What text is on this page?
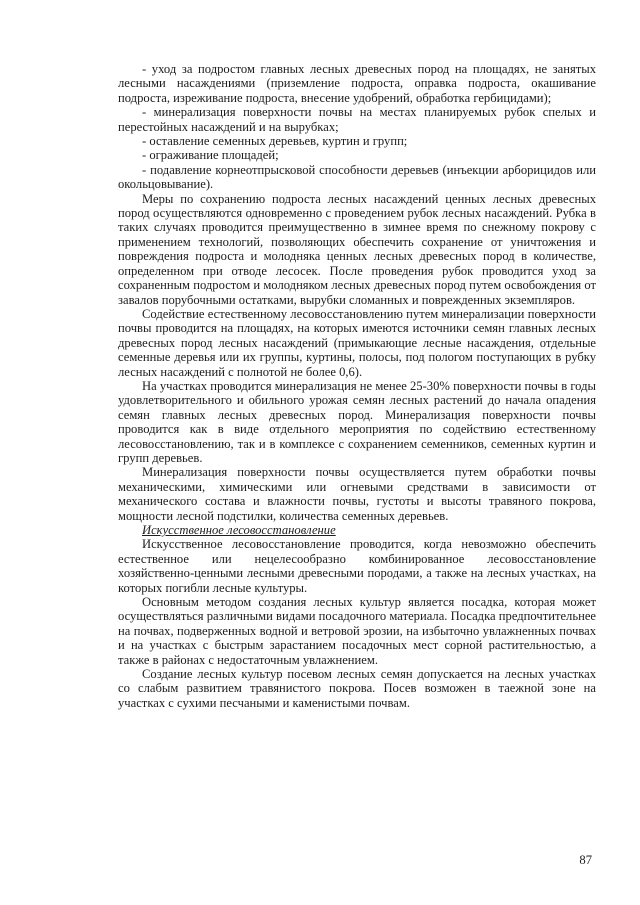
- уход за подростом главных лесных древесных пород на площадях, не занятых лесными насаждениями (приземление подроста, оправка подроста, окашивание подроста, изреживание подроста, внесение удобрений, обработка гербицидами);

- минерализация поверхности почвы на местах планируемых рубок спелых и перестойных насаждений и на вырубках;

- оставление семенных деревьев, куртин и групп;

- ограживание площадей;

- подавление корнеотпрысковой способности деревьев (инъекции арборицидов или окольцовывание).

Меры по сохранению подроста лесных насаждений ценных лесных древесных пород осуществляются одновременно с проведением рубок лесных насаждений. Рубка в таких случаях проводится преимущественно в зимнее время по снежному покрову с применением технологий, позволяющих обеспечить сохранение от уничтожения и повреждения подроста и молодняка ценных лесных древесных пород в количестве, определенном при отводе лесосек. После проведения рубок проводится уход за сохраненным подростом и молодняком лесных древесных пород путем освобождения от завалов порубочными остатками, вырубки сломанных и поврежденных экземпляров.

Содействие естественному лесовосстановлению путем минерализации поверхности почвы проводится на площадях, на которых имеются источники семян главных лесных древесных пород лесных насаждений (примыкающие лесные насаждения, отдельные семенные деревья или их группы, куртины, полосы, под пологом поступающих в рубку лесных насаждений с полнотой не более 0,6).

На участках проводится минерализация не менее 25-30% поверхности почвы в годы удовлетворительного и обильного урожая семян лесных растений до начала опадения семян главных лесных древесных пород. Минерализация поверхности почвы проводится как в виде отдельного мероприятия по содействию естественному лесовосстановлению, так и в комплексе с сохранением семенников, семенных куртин и групп деревьев.

Минерализация поверхности почвы осуществляется путем обработки почвы механическими, химическими или огневыми средствами в зависимости от механического состава и влажности почвы, густоты и высоты травяного покрова, мощности лесной подстилки, количества семенных деревьев.

Искусственное лесовосстановление

Искусственное лесовосстановление проводится, когда невозможно обеспечить естественное или нецелесообразно комбинированное лесовосстановление хозяйственно-ценными лесными древесными породами, а также на лесных участках, на которых погибли лесные культуры.

Основным методом создания лесных культур является посадка, которая может осуществляться различными видами посадочного материала. Посадка предпочтительнее на почвах, подверженных водной и ветровой эрозии, на избыточно увлажненных почвах и на участках с быстрым зарастанием посадочных мест сорной растительностью, а также в районах с недостаточным увлажнением.

Создание лесных культур посевом лесных семян допускается на лесных участках со слабым развитием травянистого покрова. Посев возможен в таежной зоне на участках с сухими песчаными и каменистыми почвам.

87
